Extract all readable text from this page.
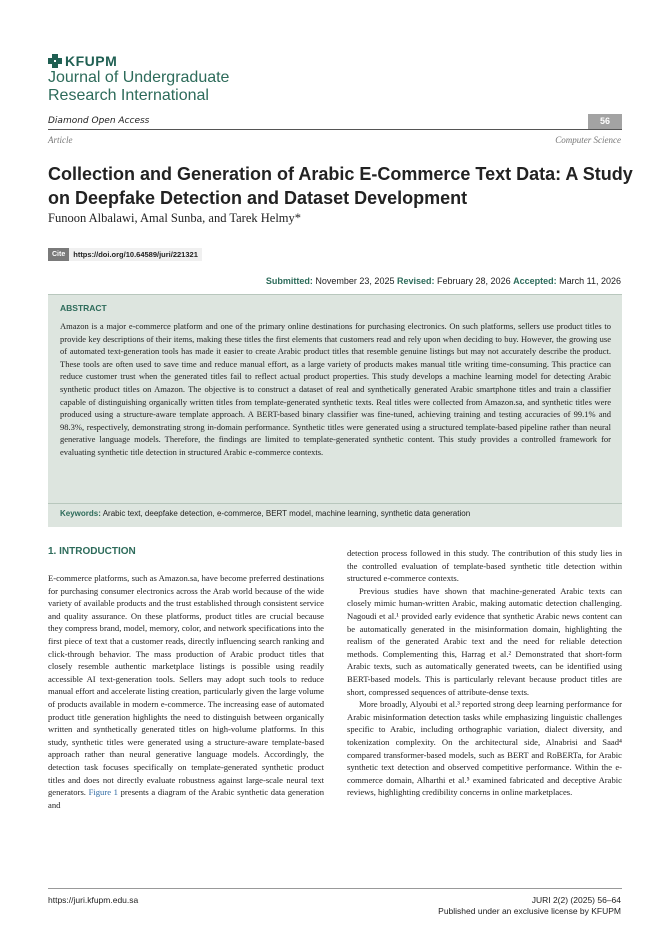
KFUPM
Journal of Undergraduate
Research International
Diamond Open Access	56
Article	Computer Science
Collection and Generation of Arabic E-Commerce Text Data: A Study on Deepfake Detection and Dataset Development
Funoon Albalawi, Amal Sunba, and Tarek Helmy*
Cite	https://doi.org/10.64589/juri/221321
Submitted: November 23, 2025 Revised: February 28, 2026 Accepted: March 11, 2026
ABSTRACT
Amazon is a major e-commerce platform and one of the primary online destinations for purchasing electronics. On such platforms, sellers use product titles to provide key descriptions of their items, making these titles the first elements that customers read and rely upon when deciding to buy. However, the growing use of automated text-generation tools has made it easier to create Arabic product titles that resemble genuine listings but may not accurately describe the product. These tools are often used to save time and reduce manual effort, as a large variety of products makes manual title writing time-consuming. This practice can reduce customer trust when the generated titles fail to reflect actual product properties. This study develops a machine learning model for detecting Arabic synthetic product titles on Amazon. The objective is to construct a dataset of real and synthetically generated Arabic smartphone titles and train a classifier capable of distinguishing organically written titles from template-generated synthetic texts. Real titles were collected from Amazon.sa, and synthetic titles were produced using a structure-aware template approach. A BERT-based binary classifier was fine-tuned, achieving training and testing accuracies of 99.1% and 98.3%, respectively, demonstrating strong in-domain performance. Synthetic titles were generated using a structured template-based pipeline rather than neural generative language models. Therefore, the findings are limited to template-generated synthetic content. This study provides a controlled framework for evaluating synthetic title detection in structured Arabic e-commerce contexts.
Keywords: Arabic text, deepfake detection, e-commerce, BERT model, machine learning, synthetic data generation
1. INTRODUCTION

E-commerce platforms, such as Amazon.sa, have become preferred destinations for purchasing consumer electronics across the Arab world because of the wide variety of available products and the trust established through consistent service and quality assurance. On these platforms, product titles are crucial because they compress brand, model, memory, color, and network specifications into the first piece of text that a customer reads, directly influencing search ranking and click-through behavior. The mass production of Arabic product titles that closely resemble authentic marketplace listings is possible using readily accessible AI text-generation tools. Sellers may adopt such tools to reduce manual effort and accelerate listing creation, particularly given the large volume of products available in modern e-commerce. The increasing ease of automated product title generation highlights the need to distinguish between organically written and synthetically generated titles on high-volume platforms. In this study, synthetic titles were generated using a structure-aware template-based approach rather than neural generative language models. Accordingly, the detection task focuses specifically on template-generated synthetic product titles and does not directly evaluate robustness against large-scale neural text generators. Figure 1 presents a diagram of the Arabic synthetic data generation and

detection process followed in this study. The contribution of this study lies in the controlled evaluation of template-based synthetic title detection within structured e-commerce contexts.

Previous studies have shown that machine-generated Arabic texts can closely mimic human-written Arabic, making automatic detection challenging. Nagoudi et al.¹ provided early evidence that synthetic Arabic news content can be automatically generated in the misinformation domain, highlighting the realism of the generated Arabic text and the need for reliable detection methods. Complementing this, Harrag et al.² Demonstrated that short-form Arabic texts, such as automatically generated tweets, can be identified using BERT-based models. This is particularly relevant because product titles are short, compressed sequences of attribute-dense texts.

More broadly, Alyoubi et al.³ reported strong deep learning performance for Arabic misinformation detection tasks while emphasizing linguistic challenges specific to Arabic, including orthographic variation, dialect diversity, and tokenization complexity. On the architectural side, Alnabrisi and Saad⁴ compared transformer-based models, such as BERT and RoBERTa, for Arabic synthetic text detection and observed competitive performance. Within the e-commerce domain, Alharthi et al.⁵ examined fabricated and deceptive Arabic reviews, highlighting credibility concerns in online marketplaces.

https://juri.kfupm.edu.sa	JURI 2(2) (2025) 56–64
Published under an exclusive license by KFUPM
